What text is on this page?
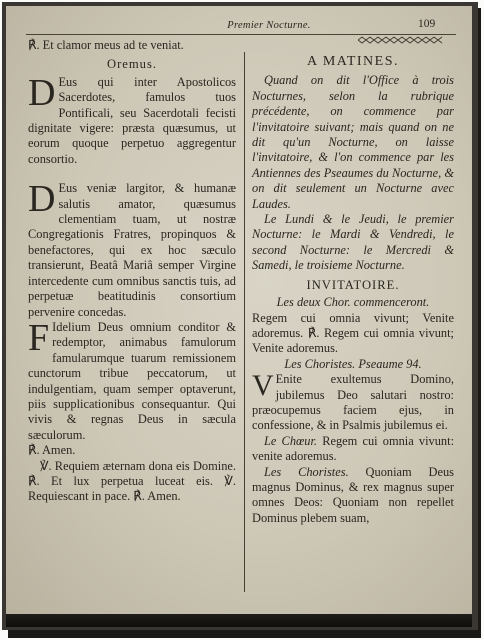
Premier Nocturne.	109

℟. Et clamor meus ad te veniat.

Oremus.

D Eus qui inter Apostolicos Sacerdotes, famulos tuos Pontificali, seu Sacerdotali fecisti dignitate vigere: præsta quæsumus, ut eorum quoque perpetuo aggregentur consortio.

D Eus veniæ largitor, & humanæ salutis amator, quæsumus clementiam tuam, ut nostræ Congregationis Fratres, propinquos & benefactores, qui ex hoc sæculo transierunt, Beatâ Mariâ semper Virgine intercedente cum omnibus sanctis tuis, ad perpetuæ beatitudinis consortium pervenire concedas.

F Idelium Deus omnium conditor & redemptor, animabus famulorum famularumque tuarum remissionem cunctorum tribue peccatorum, ut indulgentiam, quam semper optaverunt, piis supplicationibus consequantur. Qui vivis & regnas Deus in sæcula sæculorum.

℟. Amen.

℣. Requiem æternam dona eis Domine. ℟. Et lux perpetua luceat eis. ℣. Requiescant in pace. ℟. Amen.

A MATINES.

Quand on dit l'Office à trois Nocturnes, selon la rubrique précédente, on commence par l'invitatoire suivant; mais quand on ne dit qu'un Nocturne, on laisse l'invitatoire, & l'on commence par les Antiennes des Pseaumes du Nocturne, & on dit seulement un Nocturne avec Laudes.

Le Lundi & le Jeudi, le premier Nocturne: le Mardi & Vendredi, le second Nocturne: le Mercredi & Samedi, le troisieme Nocturne.

INVITATOIRE.

Les deux Chor. commenceront.

Regem cui omnia vivunt; Venite adoremus. ℟. Regem cui omnia vivunt; Venite adoremus.

Les Choristes. Pseaume 94.

V Enite exultemus Domino, jubilemus Deo salutari nostro: præocupemus faciem ejus, in confessione, & in Psalmis jubilemus ei.

Le Chœur. Regem cui omnia vivunt: venite adoremus.

Les Choristes. Quoniam Deus magnus Dominus, & rex magnus super omnes Deos: Quoniam non repellet Dominus plebem suam,
